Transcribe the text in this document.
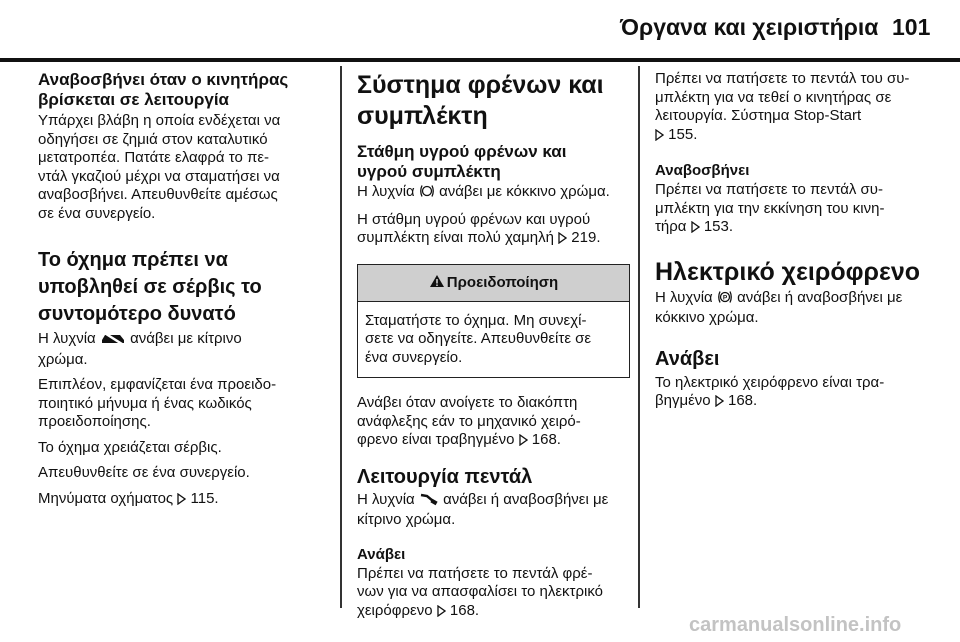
Όργανα και χειριστήρια 101
Αναβοσβήνει όταν ο κινητήρας
βρίσκεται σε λειτουργία

Υπάρχει βλάβη η οποία ενδέχεται να
οδηγήσει σε ζημιά στον καταλυτικό
μετατροπέα. Πατάτε ελαφρά το πε-
ντάλ γκαζιού μέχρι να σταματήσει να
αναβοσβήνει. Απευθυνθείτε αμέσως
σε ένα συνεργείο.

Το όχημα πρέπει να
υποβληθεί σε σέρβις το
συντομότερο δυνατό

Η λυχνία ανάβει με κίτρινο
χρώμα.

Επιπλέον, εμφανίζεται ένα προειδο-
ποιητικό μήνυμα ή ένας κωδικός
προειδοποίησης.

Το όχημα χρειάζεται σέρβις.

Απευθυνθείτε σε ένα συνεργείο.

Μηνύματα οχήματος 115.

Σύστημα φρένων και
συμπλέκτη
Στάθμη υγρού φρένων και
υγρού συμπλέκτη

Η λυχνία ανάβει με κόκκινο χρώμα.

Η στάθμη υγρού φρένων και υγρού
συμπλέκτη είναι πολύ χαμηλή 219.

Προειδοποίηση

Σταματήστε το όχημα. Μη συνεχί-
σετε να οδηγείτε. Απευθυνθείτε σε
ένα συνεργείο.

Ανάβει όταν ανοίγετε το διακόπτη
ανάφλεξης εάν το μηχανικό χειρό-
φρενο είναι τραβηγμένο 168.

Λειτουργία πεντάλ

Η λυχνία ανάβει ή αναβοσβήνει με
κίτρινο χρώμα.

Ανάβει

Πρέπει να πατήσετε το πεντάλ φρέ-
νων για να απασφαλίσει το ηλεκτρικό
χειρόφρενο 168.

Πρέπει να πατήσετε το πεντάλ του συ-
μπλέκτη για να τεθεί ο κινητήρας σε
λειτουργία. Σύστημα Stop-Start
155.

Αναβοσβήνει

Πρέπει να πατήσετε το πεντάλ συ-
μπλέκτη για την εκκίνηση του κινη-
τήρα 153.

Ηλεκτρικό χειρόφρενο

Η λυχνία P ανάβει ή αναβοσβήνει με
κόκκινο χρώμα.

Ανάβει

Το ηλεκτρικό χειρόφρενο είναι τρα-
βηγμένο 168.

carmanualsonline.info
